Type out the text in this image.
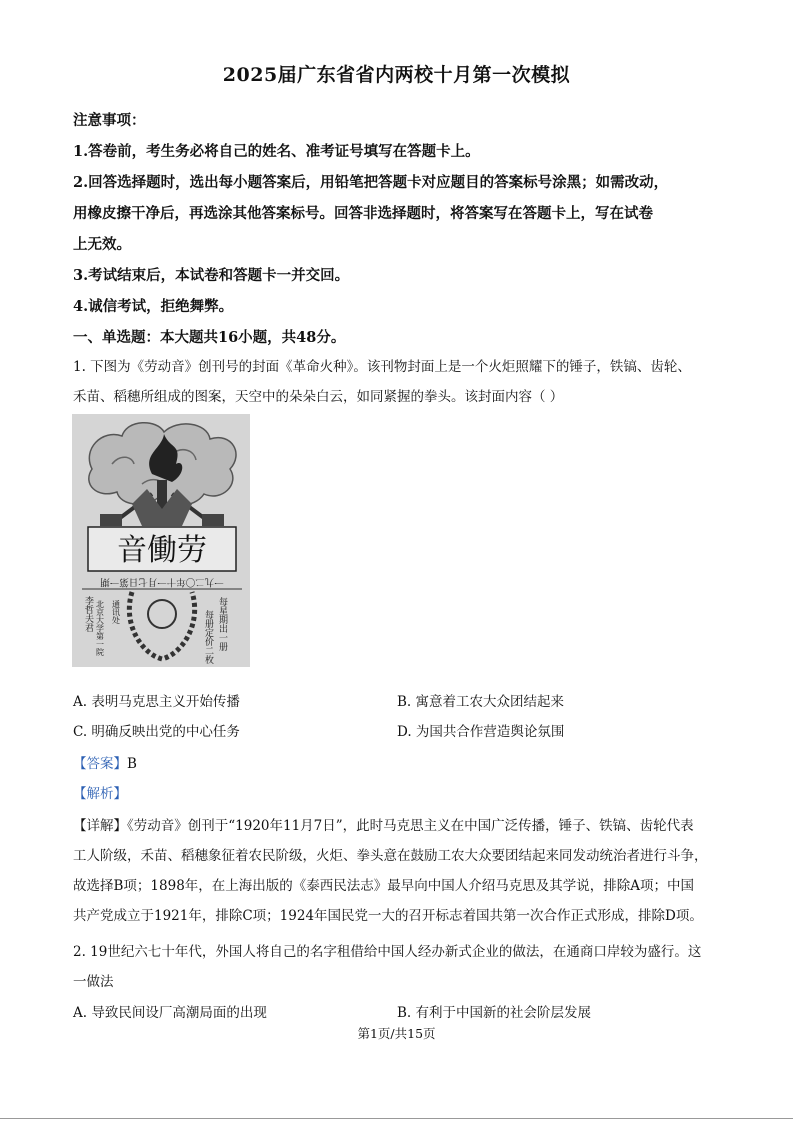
2025届广东省省内两校十月第一次模拟
注意事项：
1.答卷前，考生务必将自己的姓名、准考证号填写在答题卡上。
2.回答选择题时，选出每小题答案后，用铅笔把答题卡对应题目的答案标号涂黑；如需改动，
用橡皮擦干净后，再选涂其他答案标号。回答非选择题时，将答案写在答题卡上，写在试卷
上无效。
3.考试结束后，本试卷和答题卡一并交回。
4.诚信考试，拒绝舞弊。
一、单选题：本大题共16小题，共48分。
1. 下图为《劳动音》创刊号的封面《革命火种》。该刊物封面上是一个火炬照耀下的锤子，铁镐、齿轮、
禾苗、稻穗所组成的图案，天空中的朵朵白云，如同紧握的拳头。该封面内容（ ）
音働劳
一九二〇年十一月七日第一期
每星期出一册
每册定价二枚
北京大学第一院 通讯处
李哲夫君
A. 表明马克思主义开始传播	B. 寓意着工农大众团结起来
C. 明确反映出党的中心任务	D. 为国共合作营造舆论氛围
【答案】B
【解析】
【详解】《劳动音》创刊于“1920年11月7日”，此时马克思主义在中国广泛传播，锤子、铁镐、齿轮代表
工人阶级，禾苗、稻穗象征着农民阶级，火炬、拳头意在鼓励工农大众要团结起来同发动统治者进行斗争，
故选择B项；1898年，在上海出版的《泰西民法志》最早向中国人介绍马克思及其学说，排除A项；中国
共产党成立于1921年，排除C项；1924年国民党一大的召开标志着国共第一次合作正式形成，排除D项。
2. 19世纪六七十年代，外国人将自己的名字租借给中国人经办新式企业的做法，在通商口岸较为盛行。这
一做法
A. 导致民间设厂高潮局面的出现	B. 有利于中国新的社会阶层发展
第1页/共15页
